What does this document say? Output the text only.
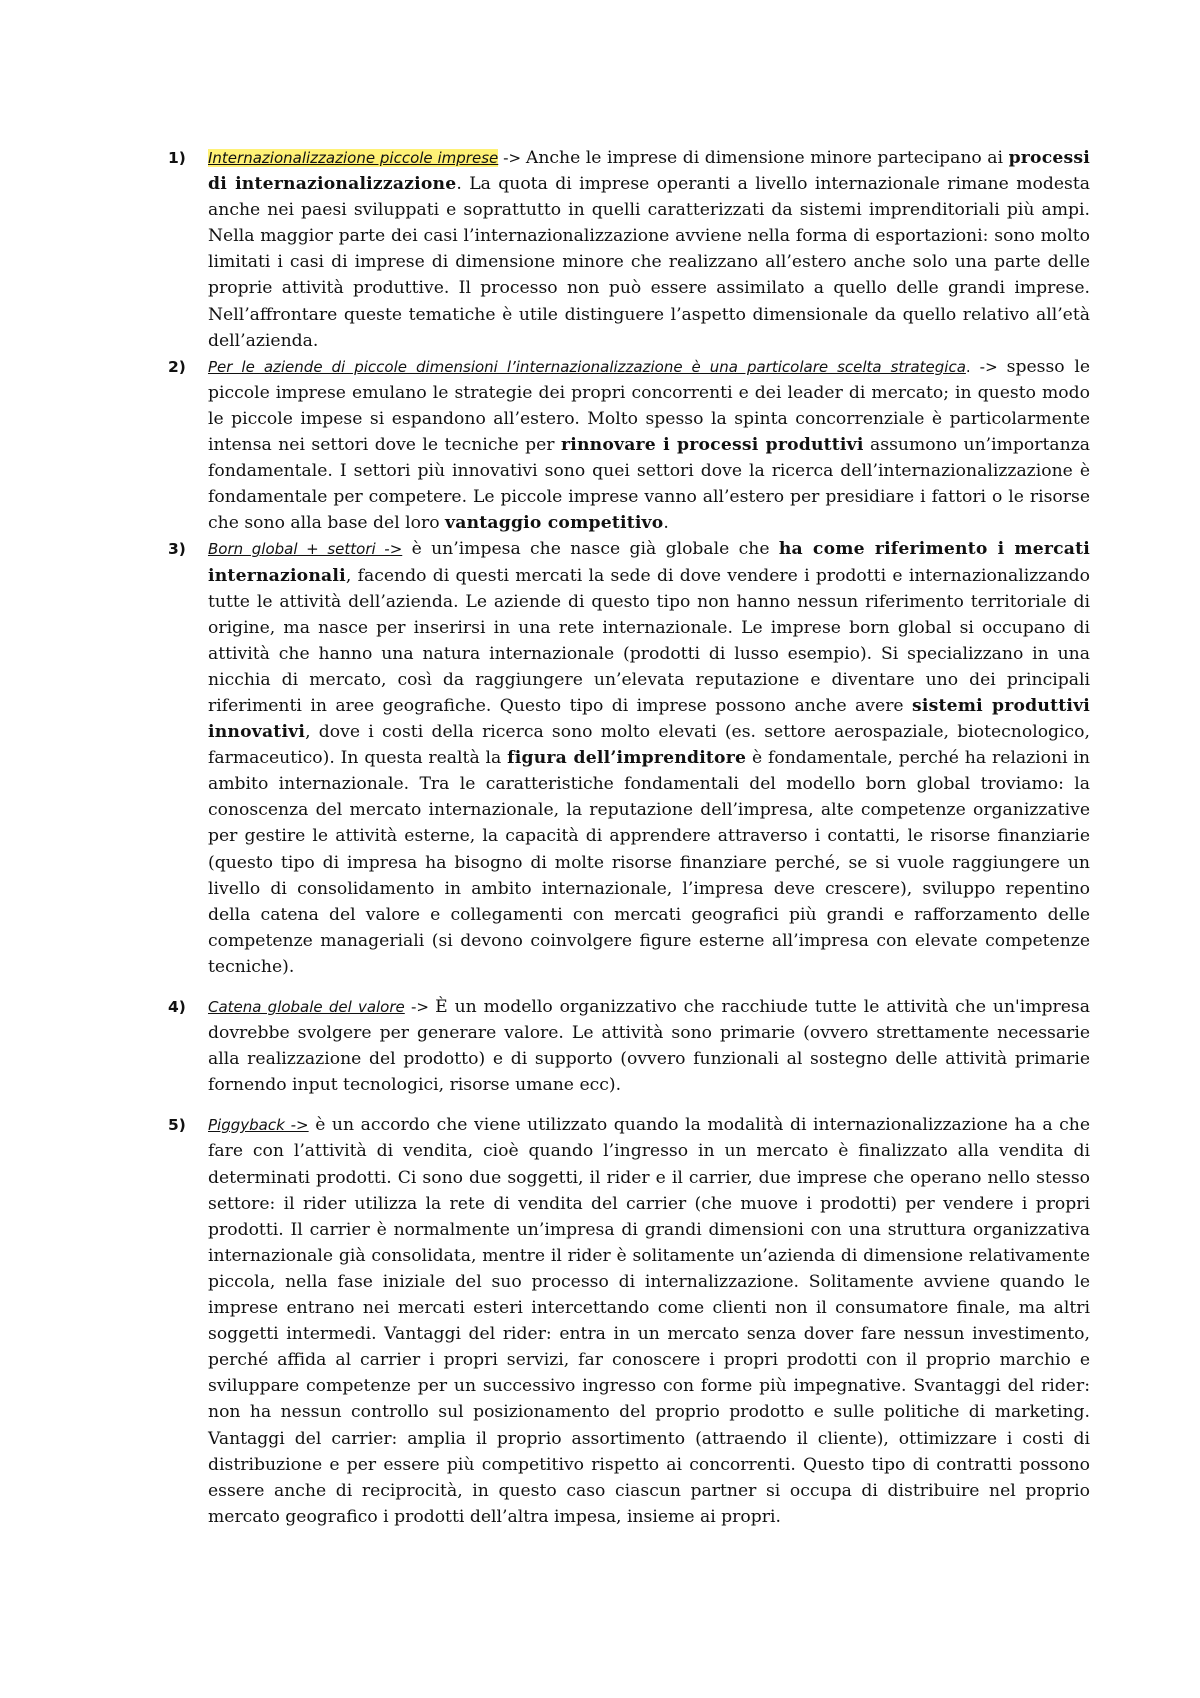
1)	Internazionalizzazione piccole imprese -> Anche le imprese di dimensione minore partecipano ai processi di internazionalizzazione. La quota di imprese operanti a livello internazionale rimane modesta anche nei paesi sviluppati e soprattutto in quelli caratterizzati da sistemi imprenditoriali più ampi. Nella maggior parte dei casi l’internazionalizzazione avviene nella forma di esportazioni: sono molto limitati i casi di imprese di dimensione minore che realizzano all’estero anche solo una parte delle proprie attività produttive. Il processo non può essere assimilato a quello delle grandi imprese. Nell’affrontare queste tematiche è utile distinguere l’aspetto dimensionale da quello relativo all’età dell’azienda.
2)	Per le aziende di piccole dimensioni l’internazionalizzazione è una particolare scelta strategica. -> spesso le piccole imprese emulano le strategie dei propri concorrenti e dei leader di mercato; in questo modo le piccole impese si espandono all’estero. Molto spesso la spinta concorrenziale è particolarmente intensa nei settori dove le tecniche per rinnovare i processi produttivi assumono un’importanza fondamentale. I settori più innovativi sono quei settori dove la ricerca dell’internazionalizzazione è fondamentale per competere. Le piccole imprese vanno all’estero per presidiare i fattori o le risorse che sono alla base del loro vantaggio competitivo.
3)	Born global + settori -> è un’impesa che nasce già globale che ha come riferimento i mercati internazionali, facendo di questi mercati la sede di dove vendere i prodotti e internazionalizzando tutte le attività dell’azienda. Le aziende di questo tipo non hanno nessun riferimento territoriale di origine, ma nasce per inserirsi in una rete internazionale. Le imprese born global si occupano di attività che hanno una natura internazionale (prodotti di lusso esempio). Si specializzano in una nicchia di mercato, così da raggiungere un’elevata reputazione e diventare uno dei principali riferimenti in aree geografiche. Questo tipo di imprese possono anche avere sistemi produttivi innovativi, dove i costi della ricerca sono molto elevati (es. settore aerospaziale, biotecnologico, farmaceutico). In questa realtà la figura dell’imprenditore è fondamentale, perché ha relazioni in ambito internazionale. Tra le caratteristiche fondamentali del modello born global troviamo: la conoscenza del mercato internazionale, la reputazione dell’impresa, alte competenze organizzative per gestire le attività esterne, la capacità di apprendere attraverso i contatti, le risorse finanziarie (questo tipo di impresa ha bisogno di molte risorse finanziare perché, se si vuole raggiungere un livello di consolidamento in ambito internazionale, l’impresa deve crescere), sviluppo repentino della catena del valore e collegamenti con mercati geografici più grandi e rafforzamento delle competenze manageriali (si devono coinvolgere figure esterne all’impresa con elevate competenze tecniche).
4)	Catena globale del valore -> È un modello organizzativo che racchiude tutte le attività che un'impresa dovrebbe svolgere per generare valore. Le attività sono primarie (ovvero strettamente necessarie alla realizzazione del prodotto) e di supporto (ovvero funzionali al sostegno delle attività primarie fornendo input tecnologici, risorse umane ecc).
5)	Piggyback -> è un accordo che viene utilizzato quando la modalità di internazionalizzazione ha a che fare con l’attività di vendita, cioè quando l’ingresso in un mercato è finalizzato alla vendita di determinati prodotti. Ci sono due soggetti, il rider e il carrier, due imprese che operano nello stesso settore: il rider utilizza la rete di vendita del carrier (che muove i prodotti) per vendere i propri prodotti. Il carrier è normalmente un’impresa di grandi dimensioni con una struttura organizzativa internazionale già consolidata, mentre il rider è solitamente un’azienda di dimensione relativamente piccola, nella fase iniziale del suo processo di internalizzazione. Solitamente avviene quando le imprese entrano nei mercati esteri intercettando come clienti non il consumatore finale, ma altri soggetti intermedi. Vantaggi del rider: entra in un mercato senza dover fare nessun investimento, perché affida al carrier i propri servizi, far conoscere i propri prodotti con il proprio marchio e sviluppare competenze per un successivo ingresso con forme più impegnative. Svantaggi del rider: non ha nessun controllo sul posizionamento del proprio prodotto e sulle politiche di marketing. Vantaggi del carrier: amplia il proprio assortimento (attraendo il cliente), ottimizzare i costi di distribuzione e per essere più competitivo rispetto ai concorrenti. Questo tipo di contratti possono essere anche di reciprocità, in questo caso ciascun partner si occupa di distribuire nel proprio mercato geografico i prodotti dell’altra impesa, insieme ai propri.
